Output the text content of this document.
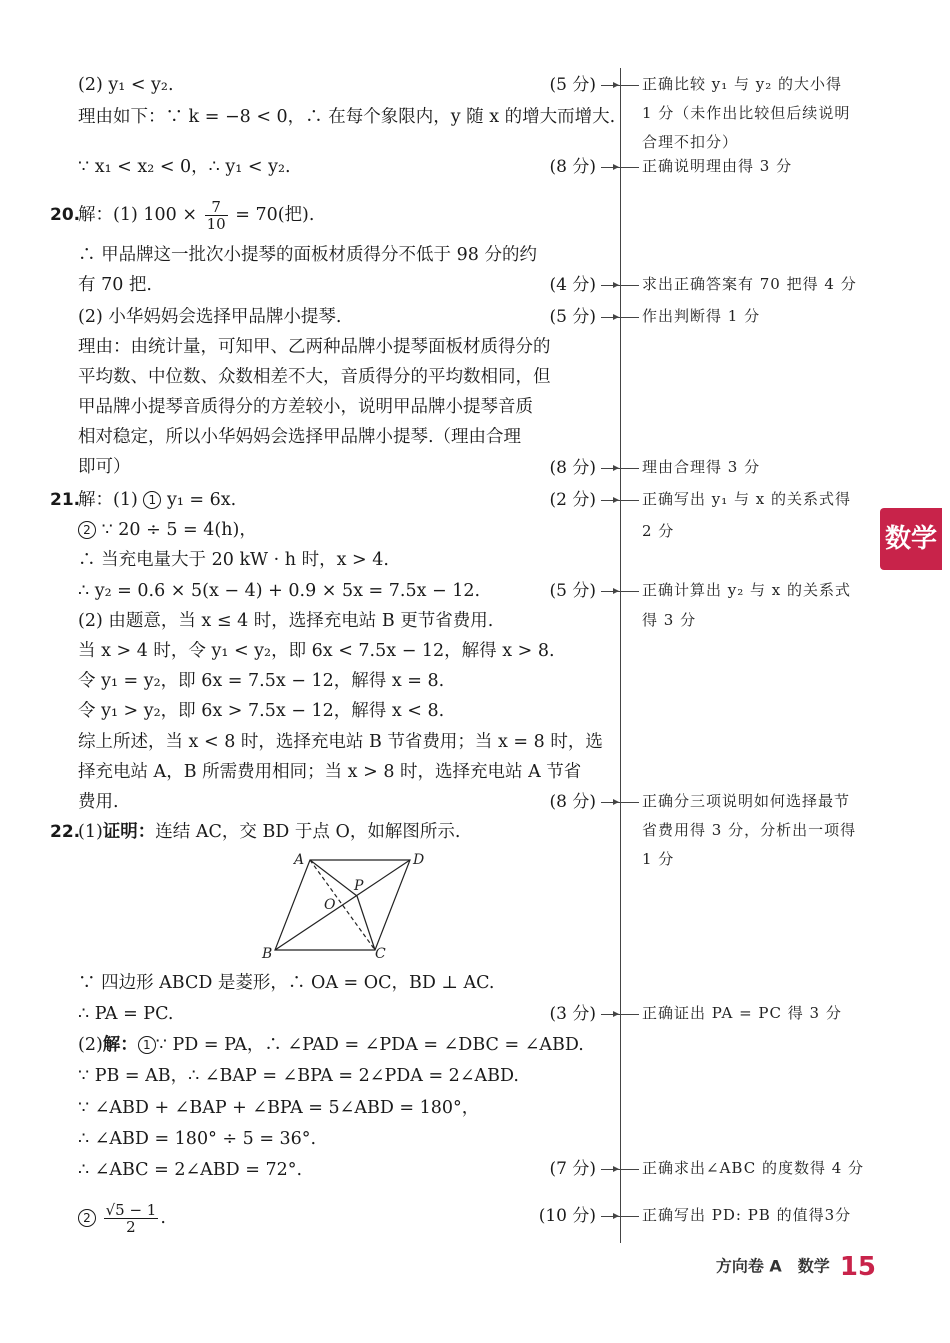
(2) y₁ < y₂.
理由如下：∵ k = −8 < 0，∴ 在每个象限内，y 随 x 的增大而增大.
∵ x₁ < x₂ < 0，∴ y₁ < y₂.
20.
解：(1) $100 \times \frac{7}{10} = 70$(把).
∴ 甲品牌这一批次小提琴的面板材质得分不低于 98 分的约
有 70 把.
(2) 小华妈妈会选择甲品牌小提琴.
理由：由统计量，可知甲、乙两种品牌小提琴面板材质得分的
平均数、中位数、众数相差不大，音质得分的平均数相同，但
甲品牌小提琴音质得分的方差较小，说明甲品牌小提琴音质
相对稳定，所以小华妈妈会选择甲品牌小提琴.（理由合理
即可）
21.
解：(1) 1 y₁ = 6x.
2 ∵ 20 ÷ 5 = 4(h)，
∴ 当充电量大于 20 kW · h 时，x > 4.
∴ y₂ = 0.6 × 5(x − 4) + 0.9 × 5x = 7.5x − 12.
(2) 由题意，当 x ≤ 4 时，选择充电站 B 更节省费用.
当 x > 4 时，令 y₁ < y₂，即 6x < 7.5x − 12，解得 x > 8.
令 y₁ = y₂，即 6x = 7.5x − 12，解得 x = 8.
令 y₁ > y₂，即 6x > 7.5x − 12，解得 x < 8.
综上所述，当 x < 8 时，选择充电站 B 节省费用；当 x = 8 时，选
择充电站 A，B 所需费用相同；当 x > 8 时，选择充电站 A 节省
费用.
22.
(1)证明：连结 AC，交 BD 于点 O，如解图所示.
A	D
B	C
O
P
∵ 四边形 ABCD 是菱形，∴ OA = OC，BD ⊥ AC.
∴ PA = PC.
(2)解： 1 ∵ PD = PA，∴ ∠PAD = ∠PDA = ∠DBC = ∠ABD.
∵ PB = AB，∴ ∠BAP = ∠BPA = 2∠PDA = 2∠ABD.
∵ ∠ABD + ∠BAP + ∠BPA = 5∠ABD = 180°，
∴ ∠ABD = 180° ÷ 5 = 36°.
∴ ∠ABC = 2∠ABD = 72°.
$2 \frac{√5 - 1}{2}$ .
(5 分)
(8 分)
(4 分)
(5 分)
(8 分)
(2 分)
(5 分)
(8 分)
(3 分)
(7 分)
(10 分)
正确比较 y₁ 与 y₂ 的大小得
1 分（未作出比较但后续说明
合理不扣分）
正确说明理由得 3 分
求出正确答案有 70 把得 4 分
作出判断得 1 分
理由合理得 3 分
正确写出 y₁ 与 x 的关系式得
2 分
正确计算出 y₂ 与 x 的关系式
得 3 分
正确分三项说明如何选择最节
省费用得 3 分，分析出一项得
1 分
正确证出 PA = PC 得 3 分
正确求出∠ABC 的度数得 4 分
正确写出 PD: PB 的值得3分
数学
方向卷 A　数学 15
